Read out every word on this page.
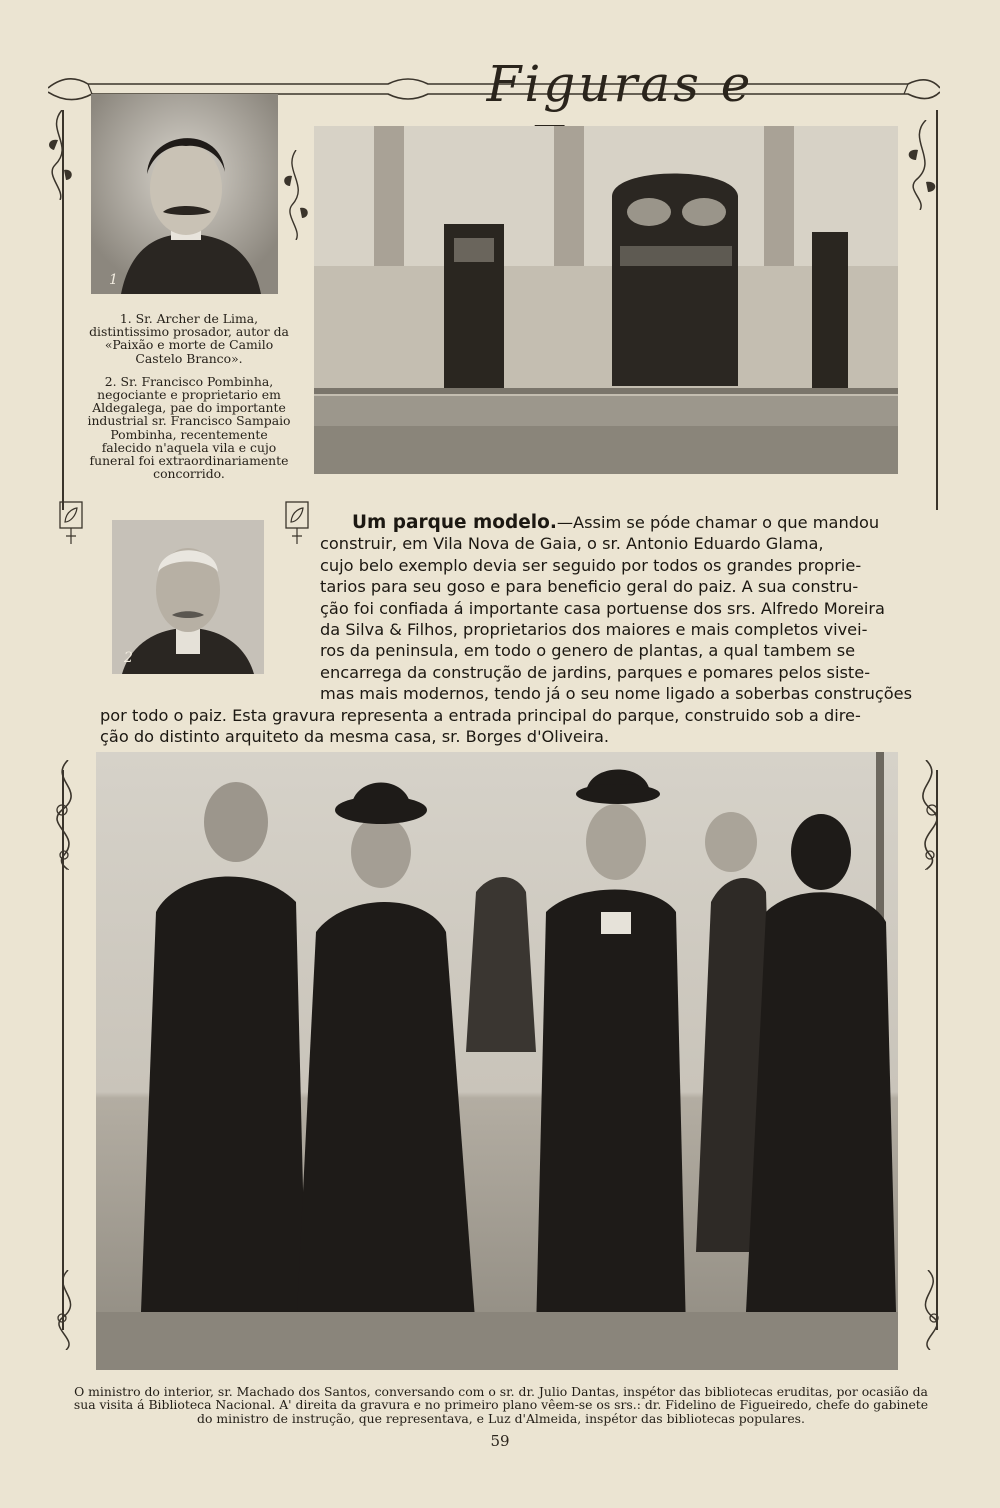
Figuras e
1

1. Sr. Archer de Lima, distintissimo prosador, autor da «Paixão e morte de Camilo Castelo Branco».

2. Sr. Francisco Pombinha, negociante e proprietario em Aldegalega, pae do importante industrial sr. Francisco Sampaio Pombinha, recentemente falecido n'aquela vila e cujo funeral foi extraordinariamente concorrido.

2
Um parque modelo.—Assim se póde chamar o que mandou
construir, em Vila Nova de Gaia, o sr. Antonio Eduardo Glama,
cujo belo exemplo devia ser seguido por todos os grandes proprie-
tarios para seu goso e para beneficio geral do paiz. A sua constru-
ção foi confiada á importante casa portuense dos srs. Alfredo Moreira
da Silva & Filhos, proprietarios dos maiores e mais completos vivei-
ros da peninsula, em todo o genero de plantas, a qual tambem se
encarrega da construção de jardins, parques e pomares pelos siste-
mas mais modernos, tendo já o seu nome ligado a soberbas construções
por todo o paiz. Esta gravura representa a entrada principal do parque, construido sob a dire-
ção do distinto arquiteto da mesma casa, sr. Borges d'Oliveira.
O ministro do interior, sr. Machado dos Santos, conversando com o sr. dr. Julio Dantas, inspétor das bibliotecas eruditas, por ocasião da sua visita á Biblioteca Nacional. A' direita da gravura e no primeiro plano vêem-se os srs.: dr. Fidelino de Figueiredo, chefe do gabinete do ministro de instrução, que representava, e Luz d'Almeida, inspétor das bibliotecas populares.
59
